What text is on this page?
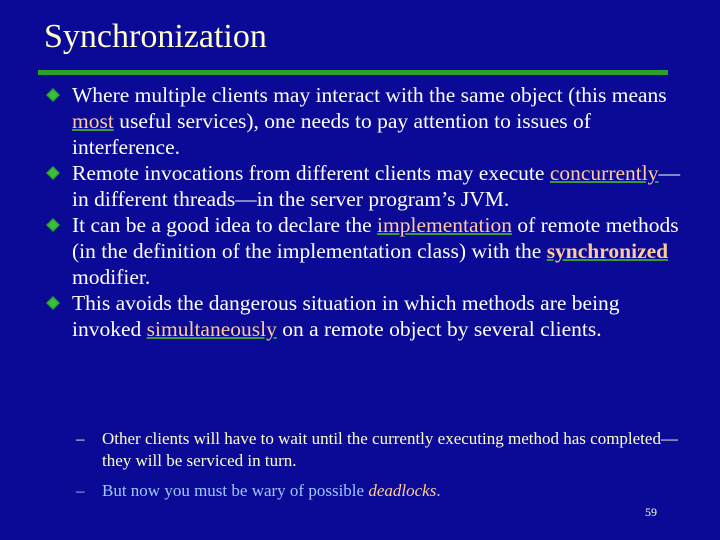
Synchronization
Where multiple clients may interact with the same object (this means most useful services), one needs to pay attention to issues of interference.
Remote invocations from different clients may execute concurrently—in different threads—in the server program’s JVM.
It can be a good idea to declare the implementation of remote methods (in the definition of the implementation class) with the synchronized modifier.
This avoids the dangerous situation in which methods are being invoked simultaneously on a remote object by several clients.
– Other clients will have to wait until the currently executing method has completed—they will be serviced in turn.
– But now you must be wary of possible deadlocks.
59
